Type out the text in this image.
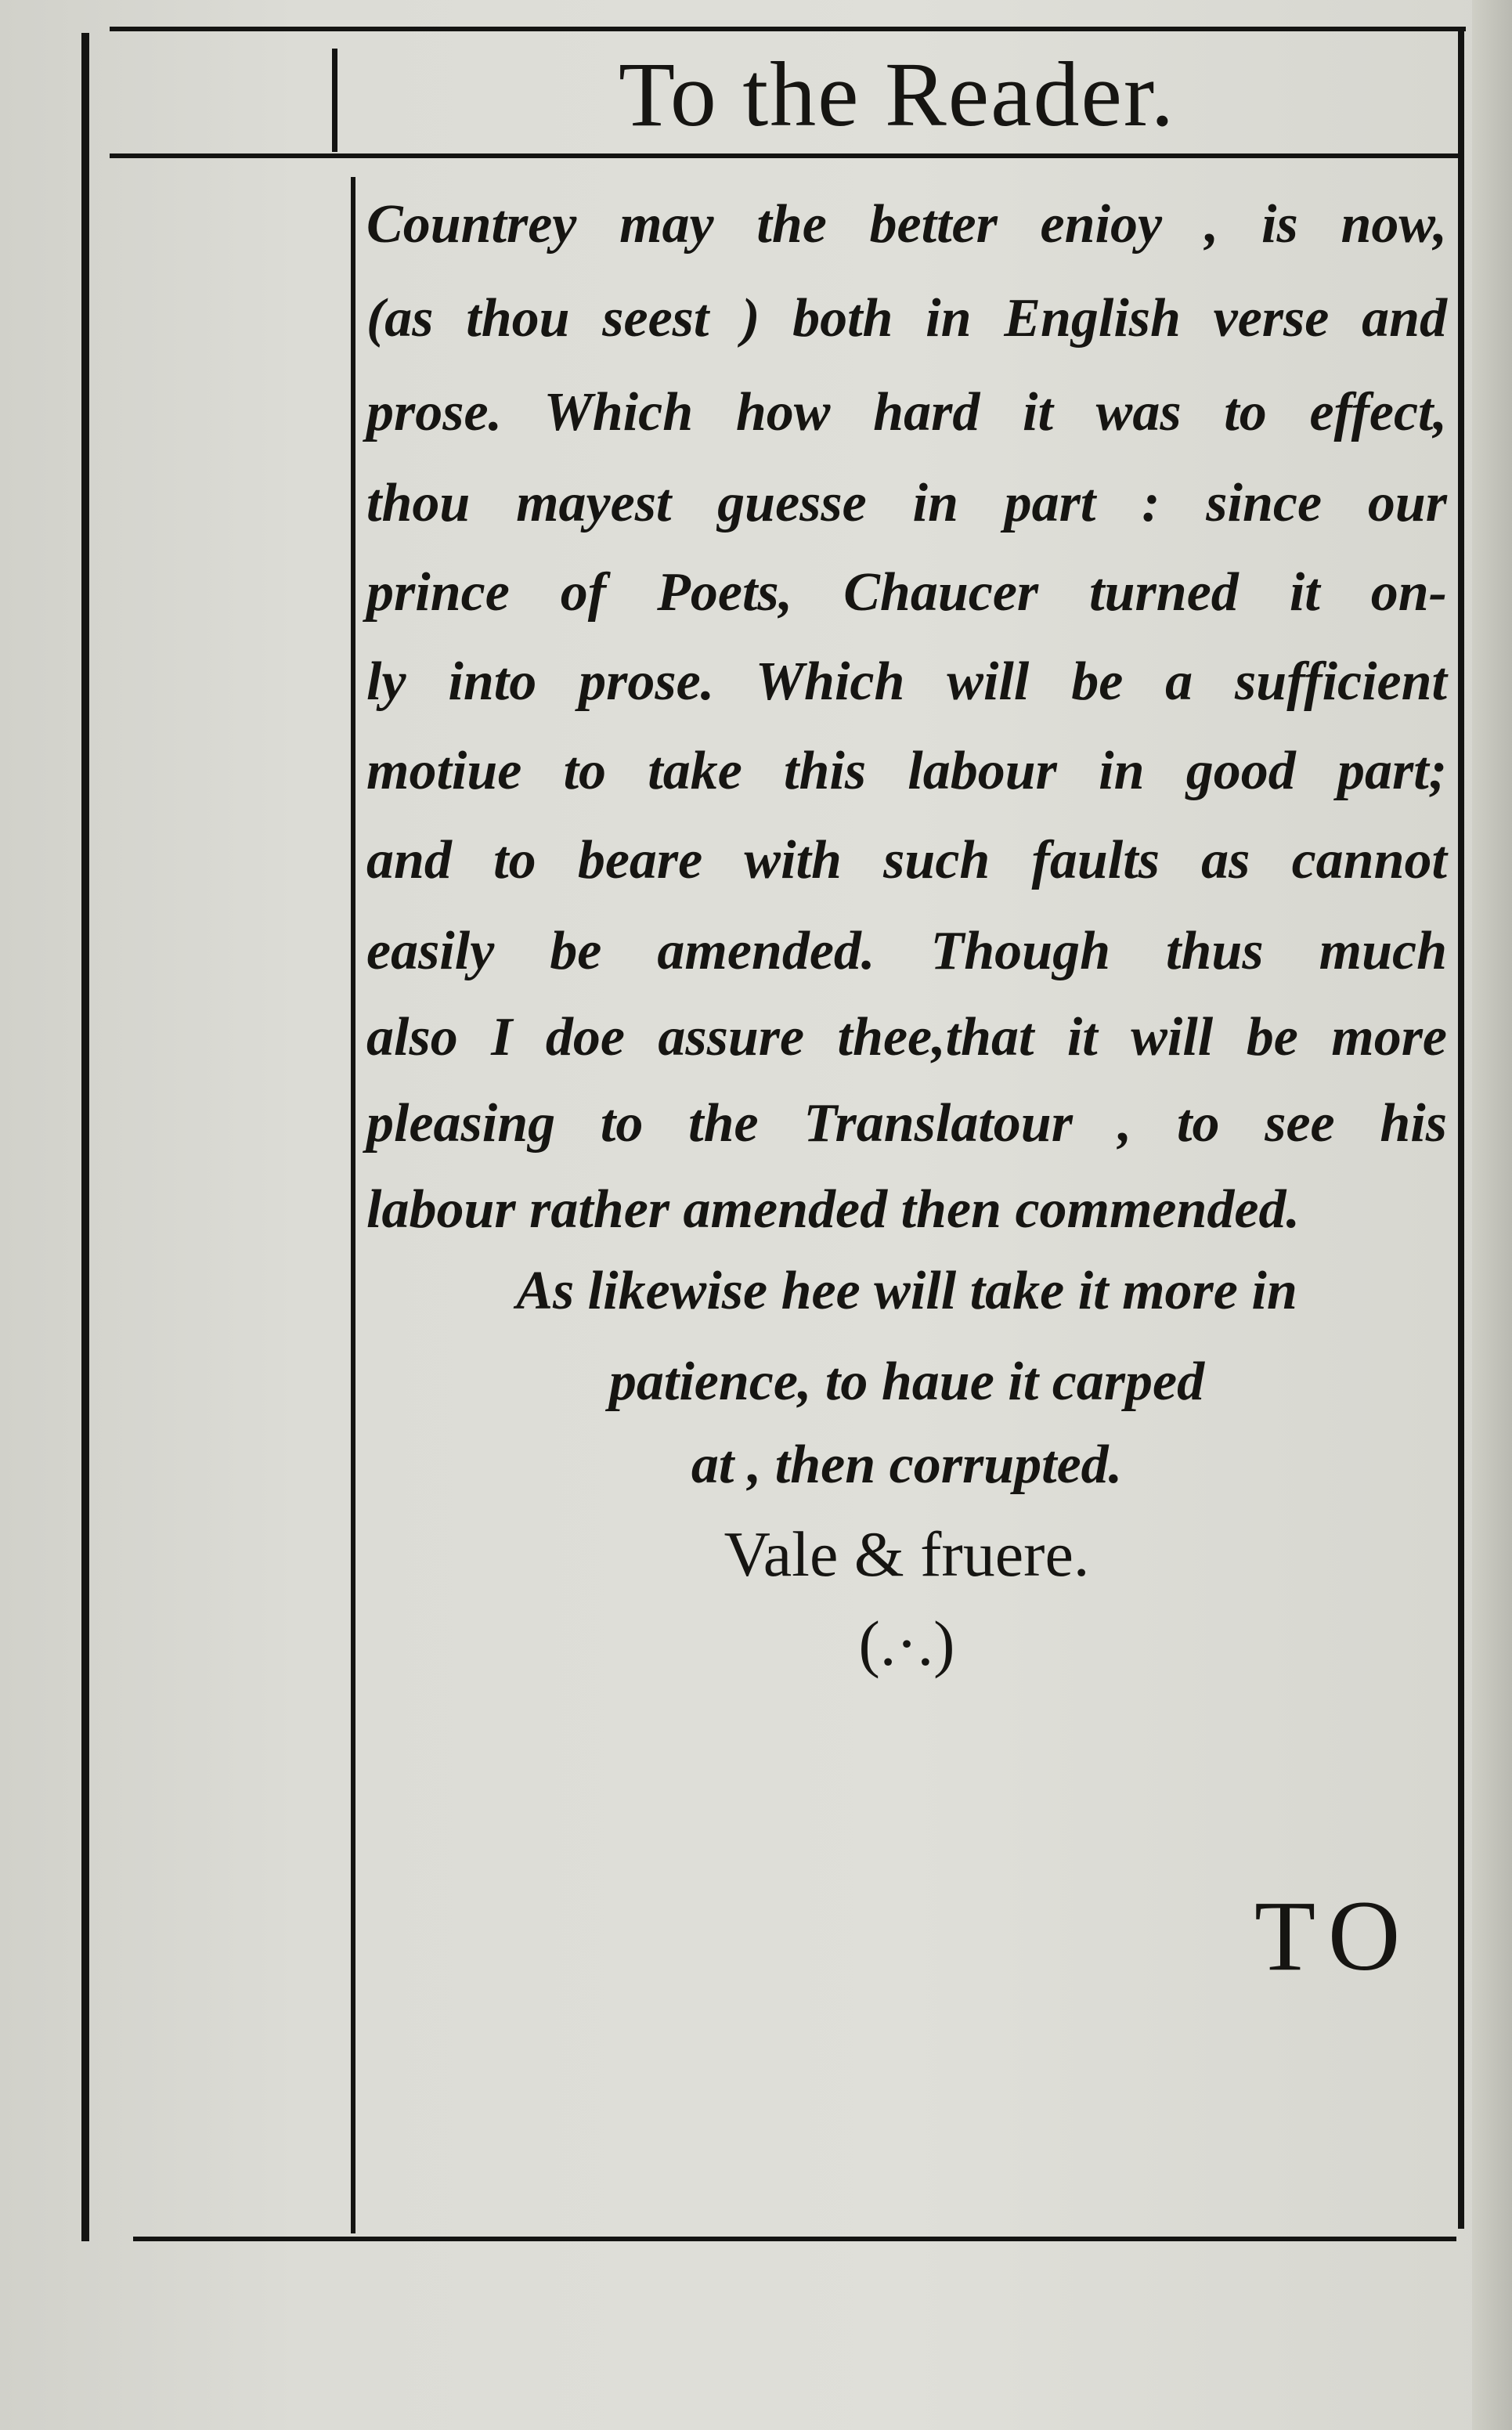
To the Reader.
Countrey may the better enioy , is now,
(as thou seest ) both in English verse and
prose. Which how hard it was to effect,
thou mayest guesse in part : since our
prince of Poets, Chaucer turned it on-
ly into prose. Which will be a sufficient
motiue to take this labour in good part;
and to beare with such faults as cannot
easily be amended. Though thus much
also I doe assure thee,that it will be more
pleasing to the Translatour , to see his
labour rather amended then commended.
As likewise hee will take it more in
patience, to haue it carped
at , then corrupted.
Vale & fruere.
(.·.)
TO
